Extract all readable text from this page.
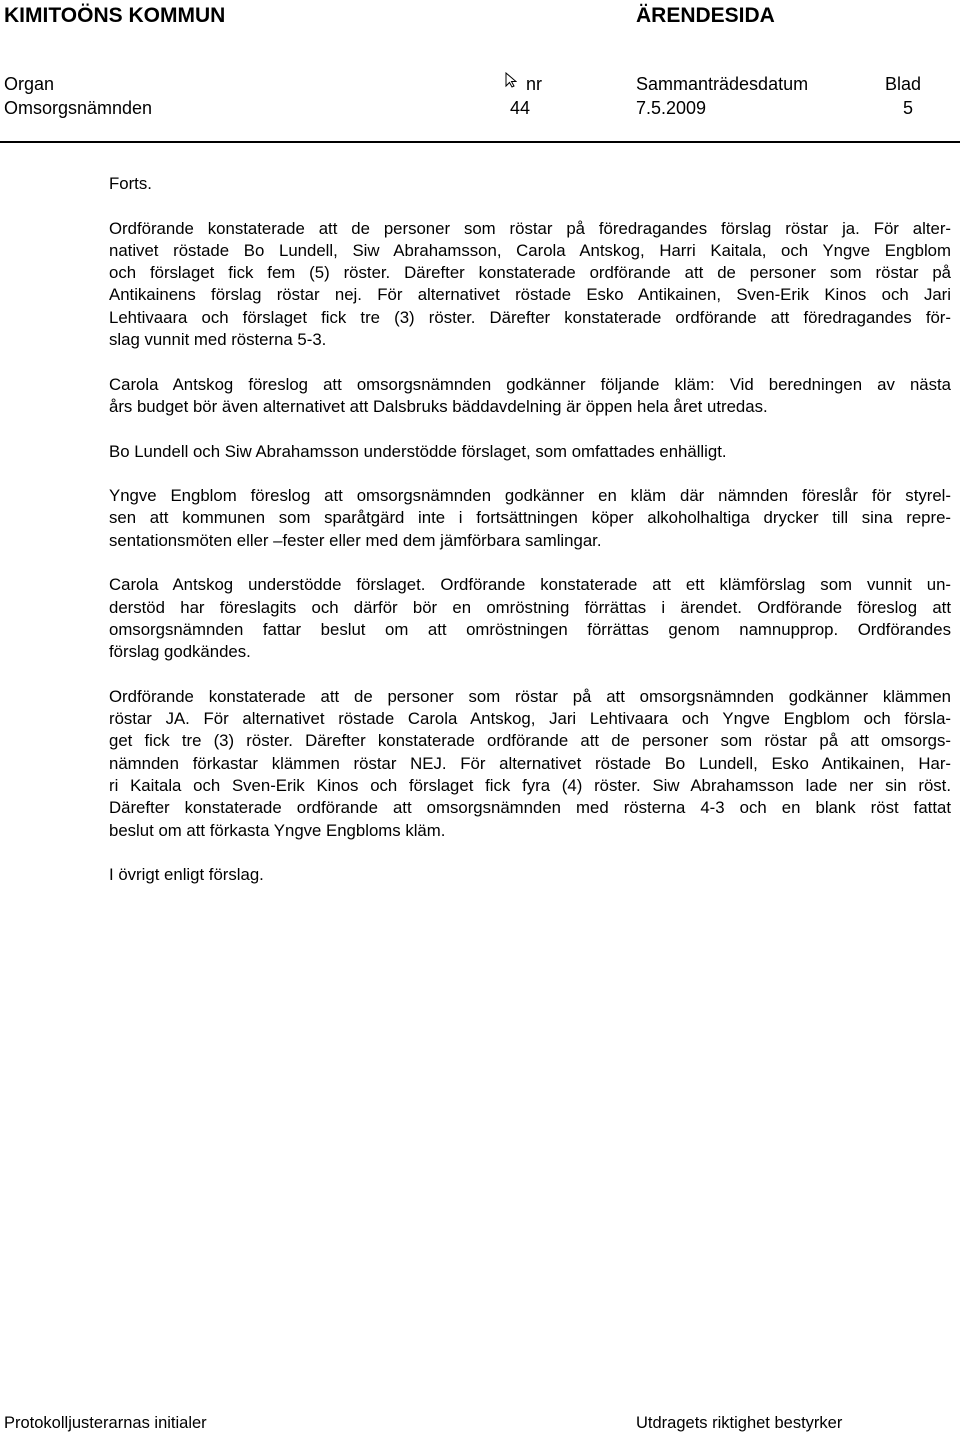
KIMITOÖNS KOMMUN	ÄRENDESIDA
Organ	nr	Sammanträdesdatum	Blad
Omsorgsnämnden	44	7.5.2009	5

Forts.

Ordförande konstaterade att de personer som röstar på föredragandes förslag röstar ja. För alter-
nativet röstade Bo Lundell, Siw Abrahamsson, Carola Antskog, Harri Kaitala, och Yngve Engblom
och förslaget fick fem (5) röster. Därefter konstaterade ordförande att de personer som röstar på
Antikainens förslag röstar nej. För alternativet röstade Esko Antikainen, Sven-Erik Kinos och Jari
Lehtivaara och förslaget fick tre (3) röster. Därefter konstaterade ordförande att föredragandes för-
slag vunnit med rösterna 5-3.

Carola Antskog föreslog att omsorgsnämnden godkänner följande kläm: Vid beredningen av nästa
års budget bör även alternativet att Dalsbruks bäddavdelning är öppen hela året utredas.

Bo Lundell och Siw Abrahamsson understödde förslaget, som omfattades enhälligt.

Yngve Engblom föreslog att omsorgsnämnden godkänner en kläm där nämnden föreslår för styrel-
sen att kommunen som sparåtgärd inte i fortsättningen köper alkoholhaltiga drycker till sina repre-
sentationsmöten eller –fester eller med dem jämförbara samlingar.

Carola Antskog understödde förslaget. Ordförande konstaterade att ett klämförslag som vunnit un-
derstöd har föreslagits och därför bör en omröstning förrättas i ärendet. Ordförande föreslog att
omsorgsnämnden fattar beslut om att omröstningen förrättas genom namnupprop. Ordförandes
förslag godkändes.

Ordförande konstaterade att de personer som röstar på att omsorgsnämnden godkänner klämmen
röstar JA. För alternativet röstade Carola Antskog, Jari Lehtivaara och Yngve Engblom och försla-
get fick tre (3) röster. Därefter konstaterade ordförande att de personer som röstar på att omsorgs-
nämnden förkastar klämmen röstar NEJ. För alternativet röstade Bo Lundell, Esko Antikainen, Har-
ri Kaitala och Sven-Erik Kinos och förslaget fick fyra (4) röster. Siw Abrahamsson lade ner sin röst.
Därefter konstaterade ordförande att omsorgsnämnden med rösterna 4-3 och en blank röst fattat
beslut om att förkasta Yngve Engbloms kläm.

I övrigt enligt förslag.

Protokolljusterarnas initialer	Utdragets riktighet bestyrker
